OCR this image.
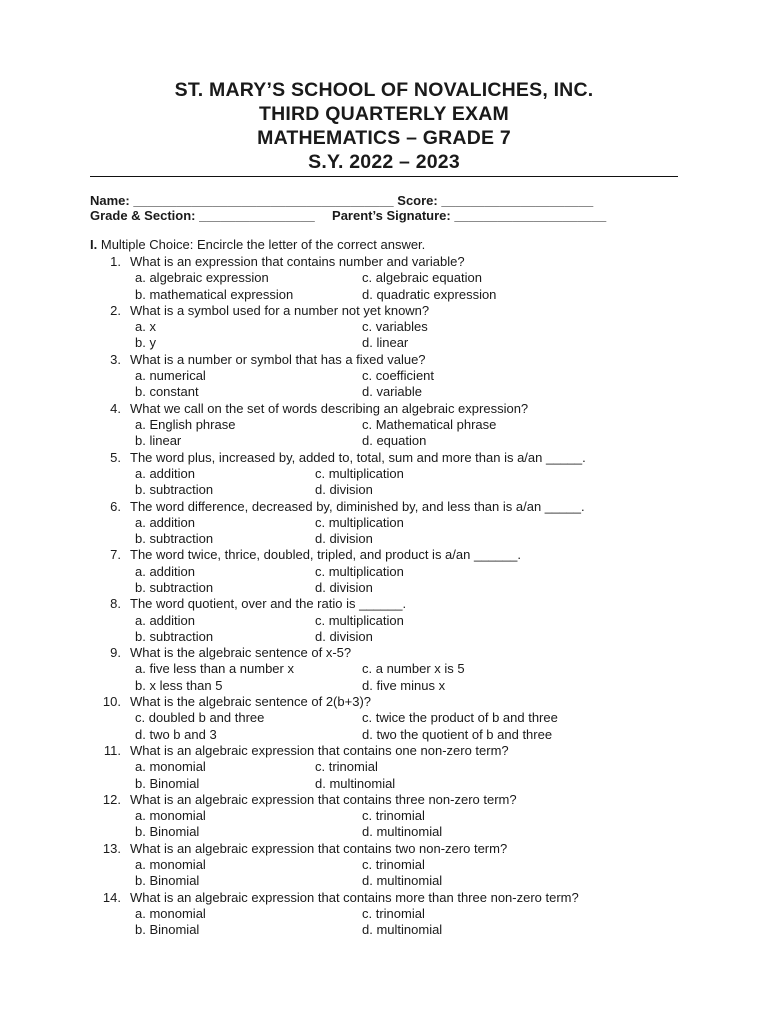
ST. MARY’S SCHOOL OF NOVALICHES, INC.
THIRD QUARTERLY EXAM
MATHEMATICS – GRADE 7
S.Y. 2022 – 2023
Name: ____________________________________ Score: _____________________
Grade & Section: ________________ Parent’s Signature: _____________________
I. Multiple Choice: Encircle the letter of the correct answer.
1. What is an expression that contains number and variable?
a. algebraic expression
b. mathematical expression
c. algebraic equation
d. quadratic expression
2. What is a symbol used for a number not yet known?
a. x
b. y
c. variables
d. linear
3. What is a number or symbol that has a fixed value?
a. numerical
b. constant
c. coefficient
d. variable
4. What we call on the set of words describing an algebraic expression?
a. English phrase
b. linear
c. Mathematical phrase
d. equation
5. The word plus, increased by, added to, total, sum and more than is a/an _____.
a. addition
b. subtraction
c. multiplication
d. division
6. The word difference, decreased by, diminished by, and less than is a/an _____.
a. addition
b. subtraction
c. multiplication
d. division
7. The word twice, thrice, doubled, tripled, and product is a/an ______.
a. addition
b. subtraction
c. multiplication
d. division
8. The word quotient, over and the ratio is ______.
a. addition
b. subtraction
c. multiplication
d. division
9. What is the algebraic sentence of x-5?
a. five less than a number x
b. x less than 5
c. a number x is 5
d. five minus x
10. What is the algebraic sentence of 2(b+3)?
c. doubled b and three
d. two b and 3
c. twice the product of b and three
d. two the quotient of b and three
11. What is an algebraic expression that contains one non-zero term?
a. monomial
b. Binomial
c. trinomial
d. multinomial
12. What is an algebraic expression that contains three non-zero term?
a. monomial
b. Binomial
c. trinomial
d. multinomial
13. What is an algebraic expression that contains two non-zero term?
a. monomial
b. Binomial
c. trinomial
d. multinomial
14. What is an algebraic expression that contains more than three non-zero term?
a. monomial
b. Binomial
c. trinomial
d. multinomial
